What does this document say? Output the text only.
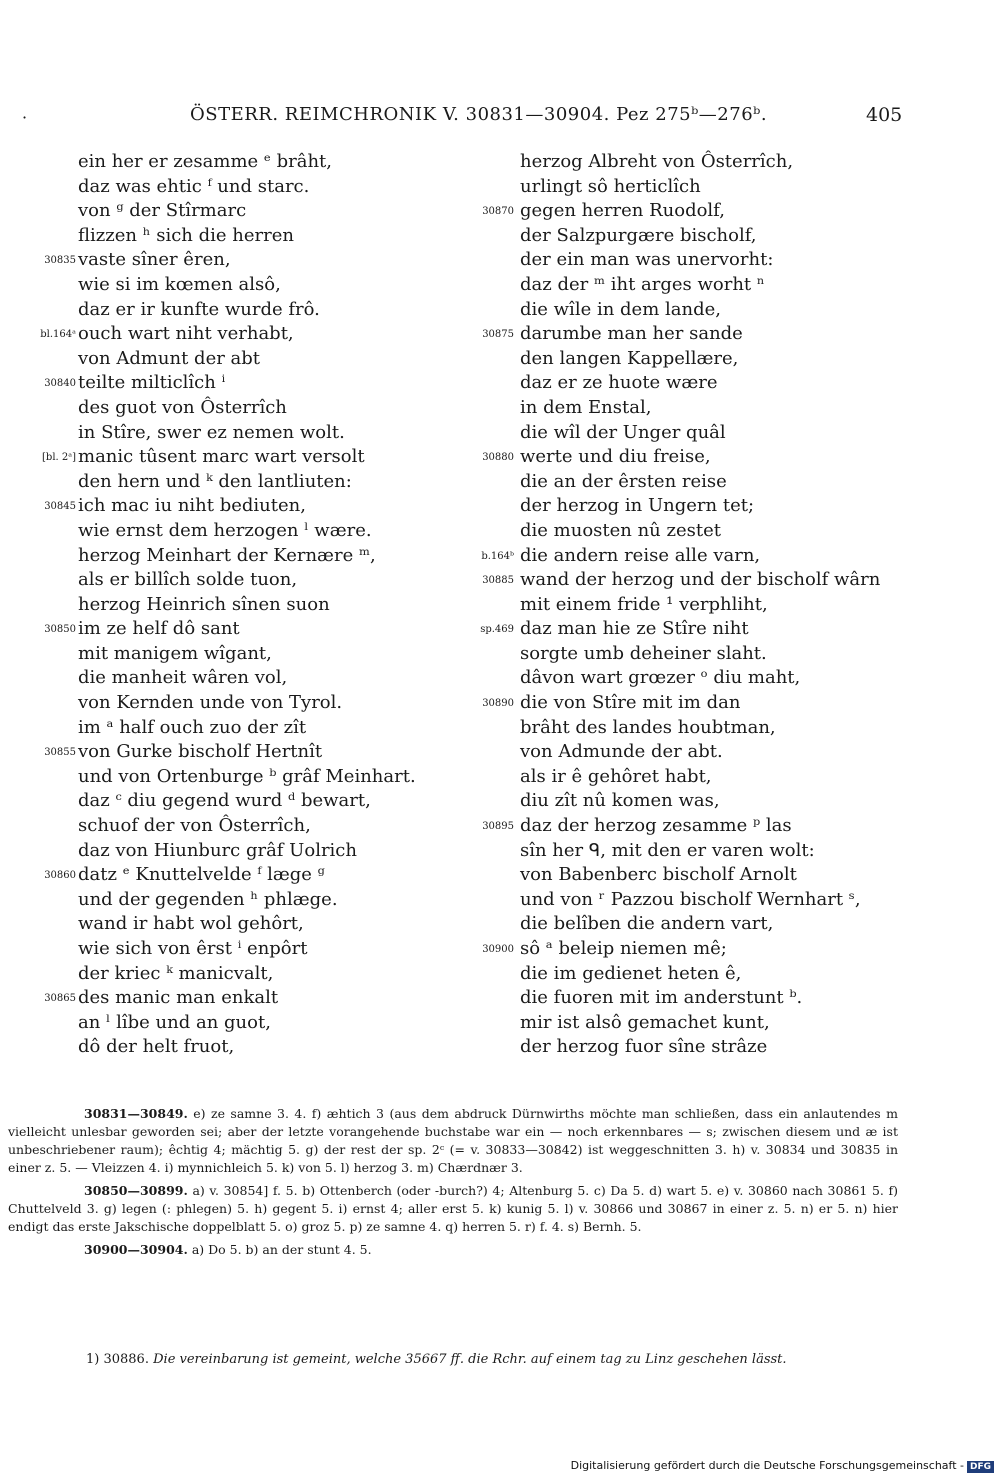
·	ÖSTERR. REIMCHRONIK V. 30831—30904. Pez 275ᵇ—276ᵇ.	405
ein her er zesamme ᵉ brâht,
daz was ehtic ᶠ und starc.
von ᵍ der Stîrmarc
flizzen ʰ sich die herren
30835 vaste sîner êren,
wie si im kœmen alsô,
daz er ir kunfte wurde frô.
bl.164ᵃ ouch wart niht verhabt,
von Admunt der abt
30840 teilte milticlîch ⁱ
des guot von Ôsterrîch
in Stîre, swer ez nemen wolt.
[bl. 2ᵃ] manic tûsent marc wart versolt
den hern und ᵏ den lantliuten:
30845 ich mac iu niht bediuten,
wie ernst dem herzogen ˡ wære.
herzog Meinhart der Kernære ᵐ,
als er billîch solde tuon,
herzog Heinrich sînen suon
30850 im ze helf dô sant
mit manigem wîgant,
die manheit wâren vol,
von Kernden unde von Tyrol.
im ᵃ half ouch zuo der zît
30855 von Gurke bischolf Hertnît
und von Ortenburge ᵇ grâf Meinhart.
daz ᶜ diu gegend wurd ᵈ bewart,
schuof der von Ôsterrîch,
daz von Hiunburc grâf Uolrich
30860 datz ᵉ Knuttelvelde ᶠ læge ᵍ
und der gegenden ʰ phlæge.
wand ir habt wol gehôrt,
wie sich von êrst ⁱ enpôrt
der kriec ᵏ manicvalt,
30865 des manic man enkalt
an ˡ lîbe und an guot,
dô der helt fruot,
herzog Albreht von Ôsterrîch,
urlingt sô herticlîch
30870 gegen herren Ruodolf,
der Salzpurgære bischolf,
der ein man was unervorht:
daz der ᵐ iht arges worht ⁿ
die wîle in dem lande,
30875 darumbe man her sande
den langen Kappellære,
daz er ze huote wære
in dem Enstal,
die wîl der Unger quâl
30880 werte und diu freise,
die an der êrsten reise
der herzog in Ungern tet;
die muosten nû zestet
b.164ᵇ die andern reise alle varn,
30885 wand der herzog und der bischolf wârn
mit einem fride ¹ verphliht,
sp.469 daz man hie ze Stîre niht
sorgte umb deheiner slaht.
dâvon wart grœzer ᵒ diu maht,
30890 die von Stîre mit im dan
brâht des landes houbtman,
von Admunde der abt.
als ir ê gehôret habt,
diu zît nû komen was,
30895 daz der herzog zesamme ᵖ las
sîn her ᑫ, mit den er varen wolt:
von Babenberc bischolf Arnolt
und von ʳ Pazzou bischolf Wernhart ˢ,
die belîben die andern vart,
30900 sô ᵃ beleip niemen mê;
die im gedienet heten ê,
die fuoren mit im anderstunt ᵇ.
mir ist alsô gemachet kunt,
der herzog fuor sîne strâze

30831—30849. e) ze samne 3. 4. f) æhtich 3 (aus dem abdruck Dürnwirths möchte man schließen, dass ein anlautendes m vielleicht unlesbar geworden sei; aber der letzte vorangehende buchstabe war ein — noch erkennbares — s; zwischen diesem und æ ist unbeschriebener raum); êchtig 4; mächtig 5. g) der rest der sp. 2ᶜ (= v. 30833—30842) ist weggeschnitten 3. h) v. 30834 und 30835 in einer z. 5. — Vleizzen 4. i) mynnichleich 5. k) von 5. l) herzog 3. m) Chærdnær 3.

30850—30899. a) v. 30854] f. 5. b) Ottenberch (oder -burch?) 4; Altenburg 5. c) Da 5. d) wart 5. e) v. 30860 nach 30861 5. f) Chuttelveld 3. g) legen (: phlegen) 5. h) gegent 5. i) ernst 4; aller erst 5. k) kunig 5. l) v. 30866 und 30867 in einer z. 5. n) er 5. n) hier endigt das erste Jakschische doppelblatt 5. o) groz 5. p) ze samne 4. q) herren 5. r) f. 4. s) Bernh. 5.

30900—30904. a) Do 5. b) an der stunt 4. 5.

1) 30886. Die vereinbarung ist gemeint, welche 35667 ff. die Rchr. auf einem tag zu Linz geschehen lässt.
Digitalisierung gefördert durch die Deutsche Forschungsgemeinschaft - DFG
